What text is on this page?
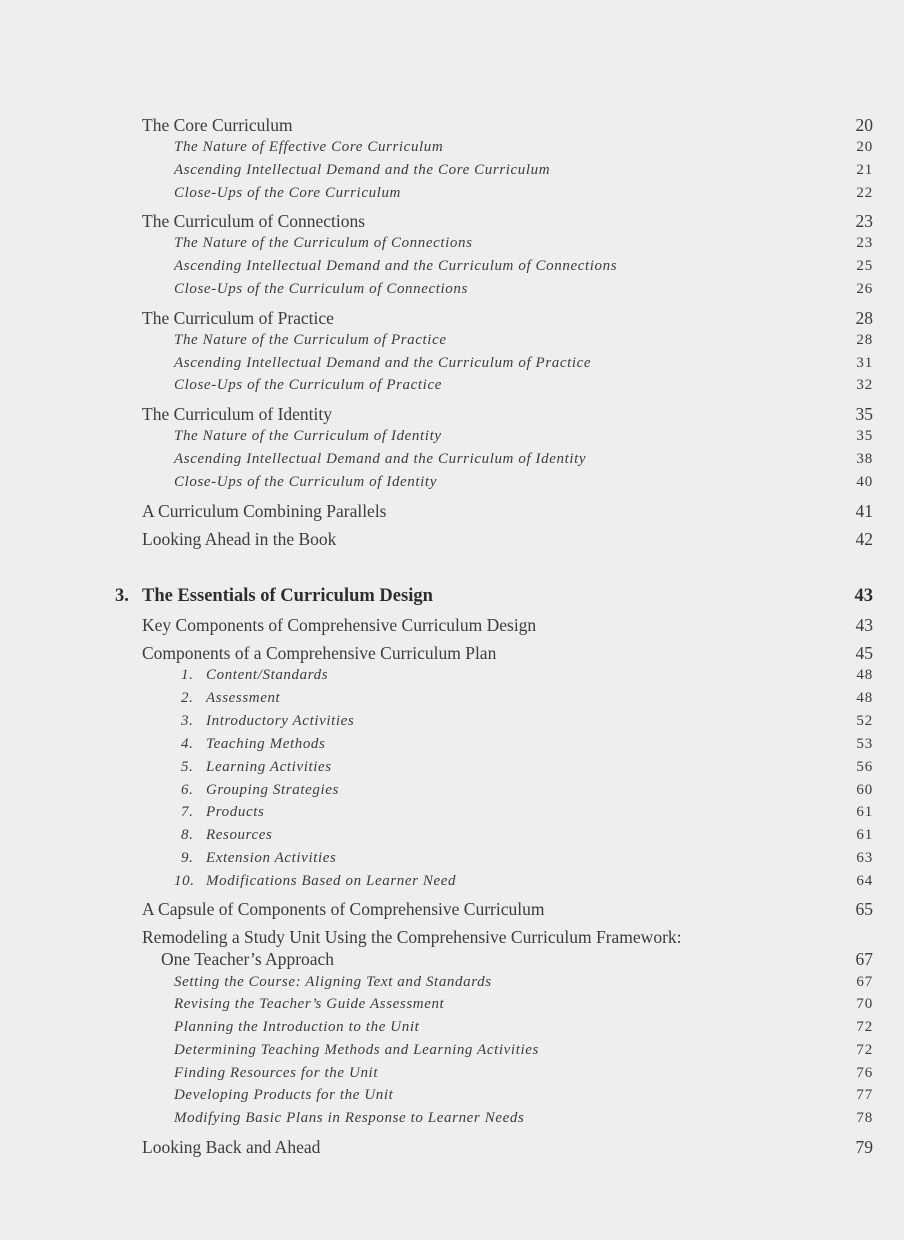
The Core Curriculum	20
The Nature of Effective Core Curriculum	20
Ascending Intellectual Demand and the Core Curriculum	21
Close-Ups of the Core Curriculum	22
The Curriculum of Connections	23
The Nature of the Curriculum of Connections	23
Ascending Intellectual Demand and the Curriculum of Connections	25
Close-Ups of the Curriculum of Connections	26
The Curriculum of Practice	28
The Nature of the Curriculum of Practice	28
Ascending Intellectual Demand and the Curriculum of Practice	31
Close-Ups of the Curriculum of Practice	32
The Curriculum of Identity	35
The Nature of the Curriculum of Identity	35
Ascending Intellectual Demand and the Curriculum of Identity	38
Close-Ups of the Curriculum of Identity	40
A Curriculum Combining Parallels	41
Looking Ahead in the Book	42
3. The Essentials of Curriculum Design	43
Key Components of Comprehensive Curriculum Design	43
Components of a Comprehensive Curriculum Plan	45
1. Content/Standards	48
2. Assessment	48
3. Introductory Activities	52
4. Teaching Methods	53
5. Learning Activities	56
6. Grouping Strategies	60
7. Products	61
8. Resources	61
9. Extension Activities	63
10. Modifications Based on Learner Need	64
A Capsule of Components of Comprehensive Curriculum	65
Remodeling a Study Unit Using the Comprehensive Curriculum Framework:
One Teacher’s Approach	67
Setting the Course: Aligning Text and Standards	67
Revising the Teacher’s Guide Assessment	70
Planning the Introduction to the Unit	72
Determining Teaching Methods and Learning Activities	72
Finding Resources for the Unit	76
Developing Products for the Unit	77
Modifying Basic Plans in Response to Learner Needs	78
Looking Back and Ahead	79
